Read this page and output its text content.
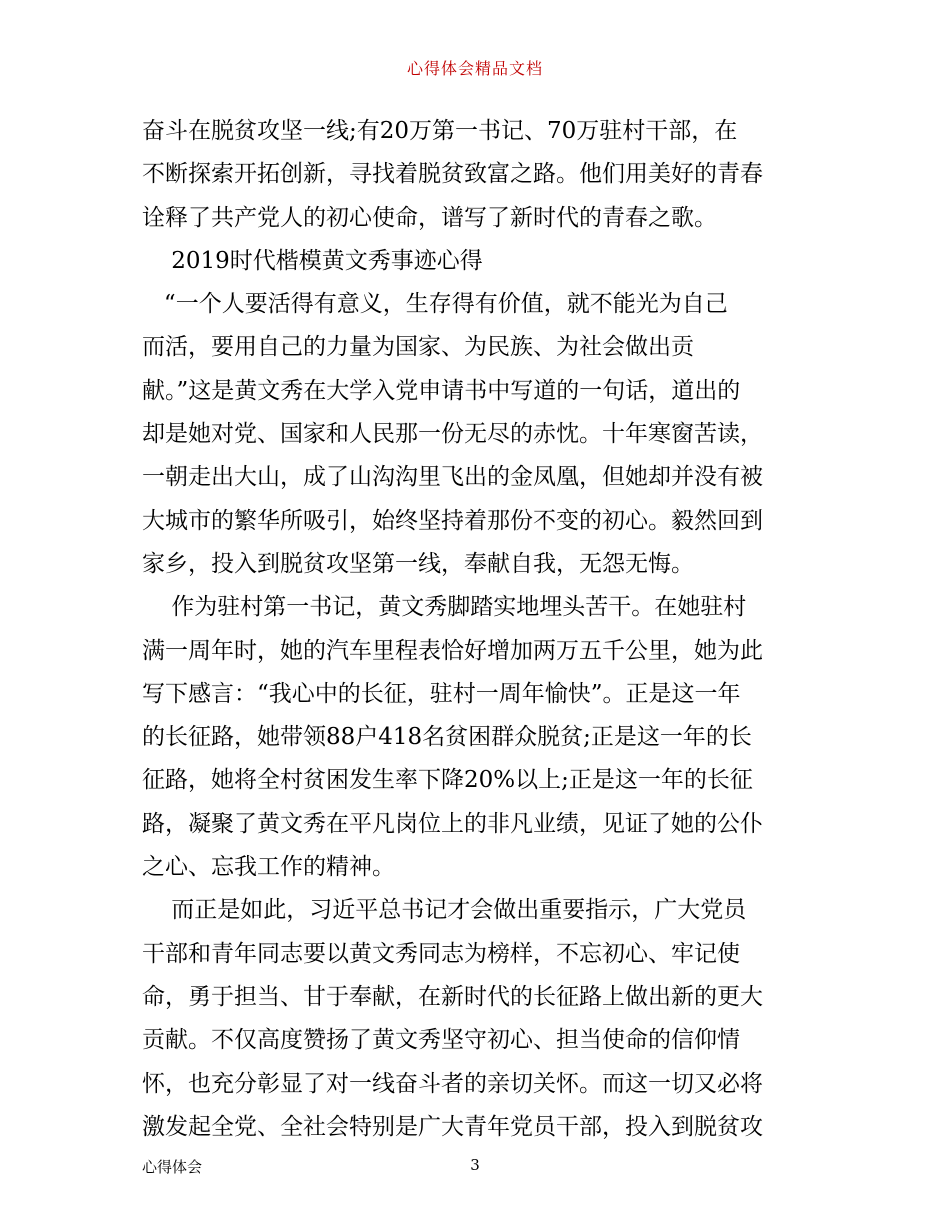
心得体会精品文档
奋斗在脱贫攻坚一线;有20万第一书记、70万驻村干部，在
不断探索开拓创新，寻找着脱贫致富之路。他们用美好的青春
诠释了共产党人的初心使命，谱写了新时代的青春之歌。
2019时代楷模黄文秀事迹心得
“一个人要活得有意义，生存得有价值，就不能光为自己
而活，要用自己的力量为国家、为民族、为社会做出贡
献。”这是黄文秀在大学入党申请书中写道的一句话，道出的
却是她对党、国家和人民那一份无尽的赤忱。十年寒窗苦读，
一朝走出大山，成了山沟沟里飞出的金凤凰，但她却并没有被
大城市的繁华所吸引，始终坚持着那份不变的初心。毅然回到
家乡，投入到脱贫攻坚第一线，奉献自我，无怨无悔。
作为驻村第一书记，黄文秀脚踏实地埋头苦干。在她驻村
满一周年时，她的汽车里程表恰好增加两万五千公里，她为此
写下感言：“我心中的长征，驻村一周年愉快”。正是这一年
的长征路，她带领88户418名贫困群众脱贫;正是这一年的长
征路，她将全村贫困发生率下降20%以上;正是这一年的长征
路，凝聚了黄文秀在平凡岗位上的非凡业绩，见证了她的公仆
之心、忘我工作的精神。
而正是如此，习近平总书记才会做出重要指示，广大党员
干部和青年同志要以黄文秀同志为榜样，不忘初心、牢记使
命，勇于担当、甘于奉献，在新时代的长征路上做出新的更大
贡献。不仅高度赞扬了黄文秀坚守初心、担当使命的信仰情
怀，也充分彰显了对一线奋斗者的亲切关怀。而这一切又必将
激发起全党、全社会特别是广大青年党员干部，投入到脱贫攻
心得体会	3
